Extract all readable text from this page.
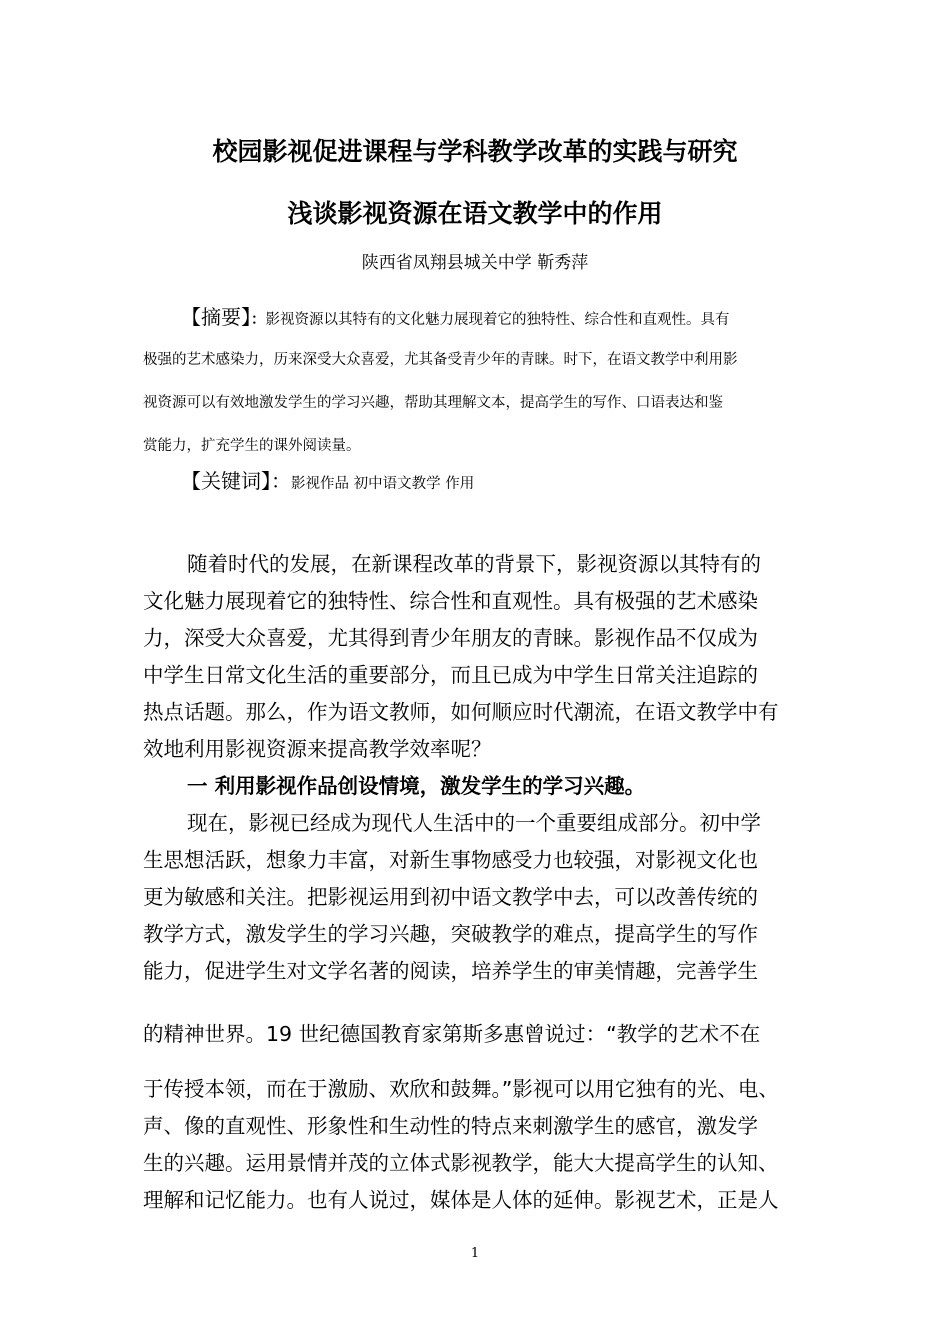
校园影视促进课程与学科教学改革的实践与研究
浅谈影视资源在语文教学中的作用
陕西省凤翔县城关中学 靳秀萍
【摘要】：影视资源以其特有的文化魅力展现着它的独特性、综合性和直观性。具有
极强的艺术感染力，历来深受大众喜爱，尤其备受青少年的青睐。时下，在语文教学中利用影
视资源可以有效地激发学生的学习兴趣，帮助其理解文本，提高学生的写作、口语表达和鉴
赏能力，扩充学生的课外阅读量。
【关键词】：影视作品 初中语文教学 作用
随着时代的发展，在新课程改革的背景下，影视资源以其特有的
文化魅力展现着它的独特性、综合性和直观性。具有极强的艺术感染
力，深受大众喜爱，尤其得到青少年朋友的青睐。影视作品不仅成为
中学生日常文化生活的重要部分，而且已成为中学生日常关注追踪的
热点话题。那么，作为语文教师，如何顺应时代潮流，在语文教学中有
效地利用影视资源来提高教学效率呢？
一 利用影视作品创设情境，激发学生的学习兴趣。
现在，影视已经成为现代人生活中的一个重要组成部分。初中学
生思想活跃，想象力丰富，对新生事物感受力也较强，对影视文化也
更为敏感和关注。把影视运用到初中语文教学中去，可以改善传统的
教学方式，激发学生的学习兴趣，突破教学的难点，提高学生的写作
能力，促进学生对文学名著的阅读，培养学生的审美情趣，完善学生
的精神世界。19 世纪德国教育家第斯多惠曾说过：“教学的艺术不在
于传授本领，而在于激励、欢欣和鼓舞。”影视可以用它独有的光、电、
声、像的直观性、形象性和生动性的特点来刺激学生的感官，激发学
生的兴趣。运用景情并茂的立体式影视教学，能大大提高学生的认知、
理解和记忆能力。也有人说过，媒体是人体的延伸。影视艺术，正是人
1
